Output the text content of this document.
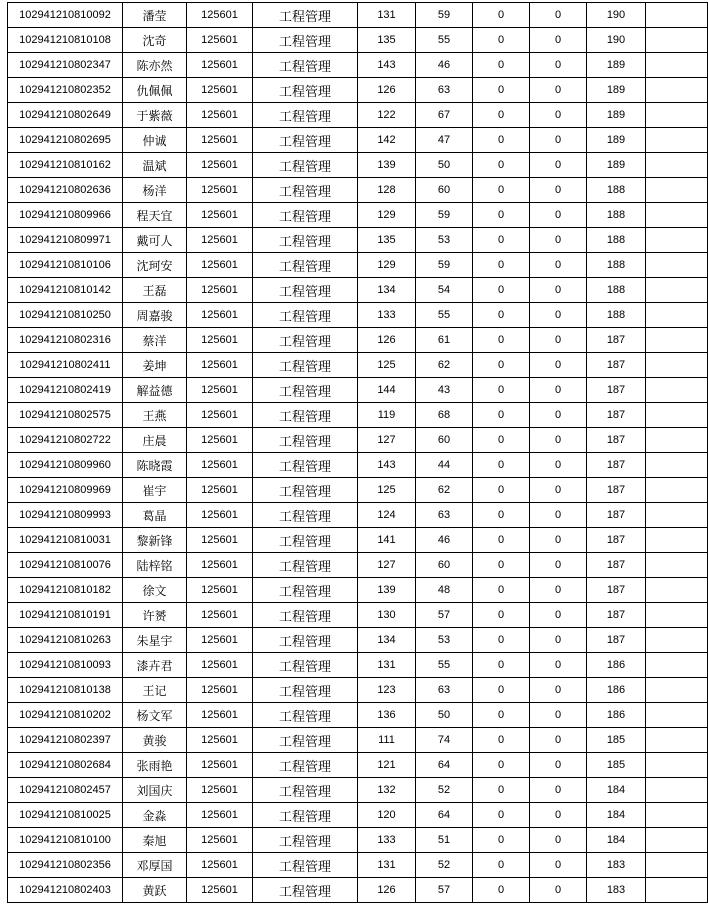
102941210810092	潘莹	125601	工程管理	131	59	0	0	190	
102941210810108	沈奇	125601	工程管理	135	55	0	0	190	
102941210802347	陈亦然	125601	工程管理	143	46	0	0	189	
102941210802352	仇佩佩	125601	工程管理	126	63	0	0	189	
102941210802649	于紫薇	125601	工程管理	122	67	0	0	189	
102941210802695	仲诚	125601	工程管理	142	47	0	0	189	
102941210810162	温斌	125601	工程管理	139	50	0	0	189	
102941210802636	杨洋	125601	工程管理	128	60	0	0	188	
102941210809966	程天宜	125601	工程管理	129	59	0	0	188	
102941210809971	戴可人	125601	工程管理	135	53	0	0	188	
102941210810106	沈珂安	125601	工程管理	129	59	0	0	188	
102941210810142	王磊	125601	工程管理	134	54	0	0	188	
102941210810250	周嘉骏	125601	工程管理	133	55	0	0	188	
102941210802316	蔡洋	125601	工程管理	126	61	0	0	187	
102941210802411	姜坤	125601	工程管理	125	62	0	0	187	
102941210802419	解益德	125601	工程管理	144	43	0	0	187	
102941210802575	王燕	125601	工程管理	119	68	0	0	187	
102941210802722	庄晨	125601	工程管理	127	60	0	0	187	
102941210809960	陈晓霞	125601	工程管理	143	44	0	0	187	
102941210809969	崔宇	125601	工程管理	125	62	0	0	187	
102941210809993	葛晶	125601	工程管理	124	63	0	0	187	
102941210810031	黎新锋	125601	工程管理	141	46	0	0	187	
102941210810076	陆梓铭	125601	工程管理	127	60	0	0	187	
102941210810182	徐文	125601	工程管理	139	48	0	0	187	
102941210810191	许赟	125601	工程管理	130	57	0	0	187	
102941210810263	朱星宇	125601	工程管理	134	53	0	0	187	
102941210810093	漆卉君	125601	工程管理	131	55	0	0	186	
102941210810138	王记	125601	工程管理	123	63	0	0	186	
102941210810202	杨文军	125601	工程管理	136	50	0	0	186	
102941210802397	黄骏	125601	工程管理	111	74	0	0	185	
102941210802684	张雨艳	125601	工程管理	121	64	0	0	185	
102941210802457	刘国庆	125601	工程管理	132	52	0	0	184	
102941210810025	金淼	125601	工程管理	120	64	0	0	184	
102941210810100	秦旭	125601	工程管理	133	51	0	0	184	
102941210802356	邓厚国	125601	工程管理	131	52	0	0	183	
102941210802403	黄跃	125601	工程管理	126	57	0	0	183	
